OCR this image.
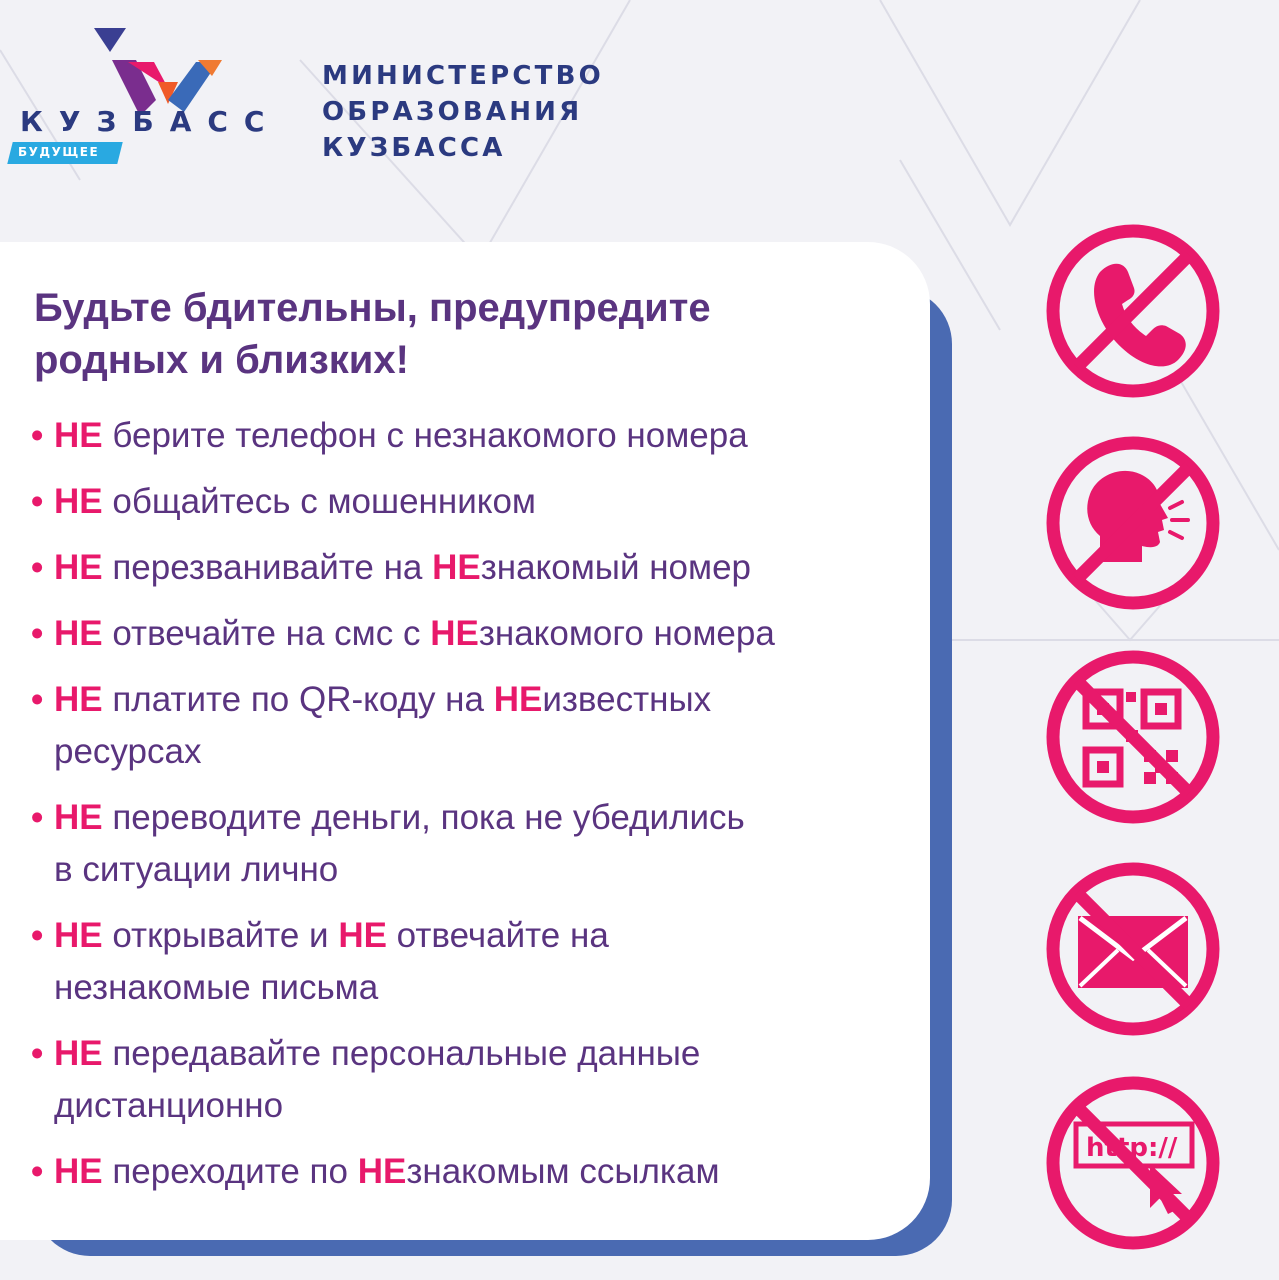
КУЗБАСС
БУДУЩЕЕ
МИНИСТЕРСТВО
ОБРАЗОВАНИЯ
КУЗБАССА
Будьте бдительны, предупредите
родных и близких!
• НЕ берите телефон с незнакомого номера
• НЕ общайтесь с мошенником
• НЕ перезванивайте на НЕзнакомый номер
• НЕ отвечайте на смс с НЕзнакомого номера
• НЕ платите по QR-коду на НЕизвестных
ресурсах
• НЕ переводите деньги, пока не убедились
в ситуации лично
• НЕ открывайте и НЕ отвечайте на
незнакомые письма
• НЕ передавайте персональные данные
дистанционно
• НЕ переходите по НЕзнакомым ссылкам
http://
